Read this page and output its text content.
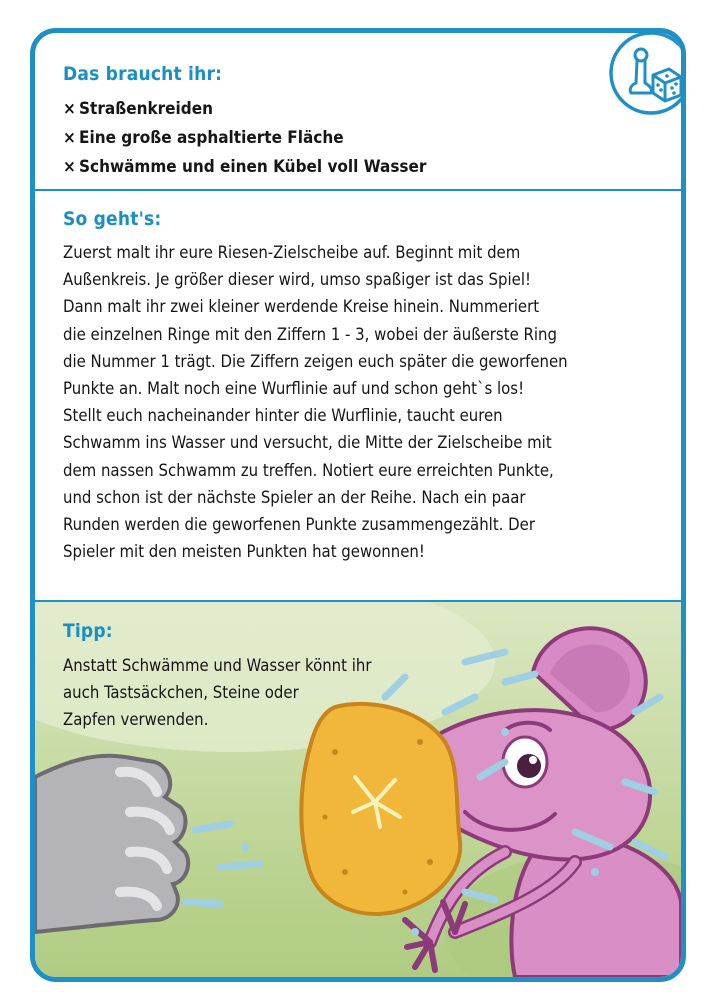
Das braucht ihr:
× Straßenkreiden
× Eine große asphaltierte Fläche
× Schwämme und einen Kübel voll Wasser
So geht's:

Zuerst malt ihr eure Riesen-Zielscheibe auf. Beginnt mit dem
Außenkreis. Je größer dieser wird, umso spaßiger ist das Spiel!
Dann malt ihr zwei kleiner werdende Kreise hinein. Nummeriert
die einzelnen Ringe mit den Ziffern 1 - 3, wobei der äußerste Ring
die Nummer 1 trägt. Die Ziffern zeigen euch später die geworfenen
Punkte an. Malt noch eine Wurflinie auf und schon geht`s los!
Stellt euch nacheinander hinter die Wurflinie, taucht euren
Schwamm ins Wasser und versucht, die Mitte der Zielscheibe mit
dem nassen Schwamm zu treffen. Notiert eure erreichten Punkte,
und schon ist der nächste Spieler an der Reihe. Nach ein paar
Runden werden die geworfenen Punkte zusammengezählt. Der
Spieler mit den meisten Punkten hat gewonnen!

Tipp:

Anstatt Schwämme und Wasser könnt ihr
auch Tastsäckchen, Steine oder
Zapfen verwenden.
